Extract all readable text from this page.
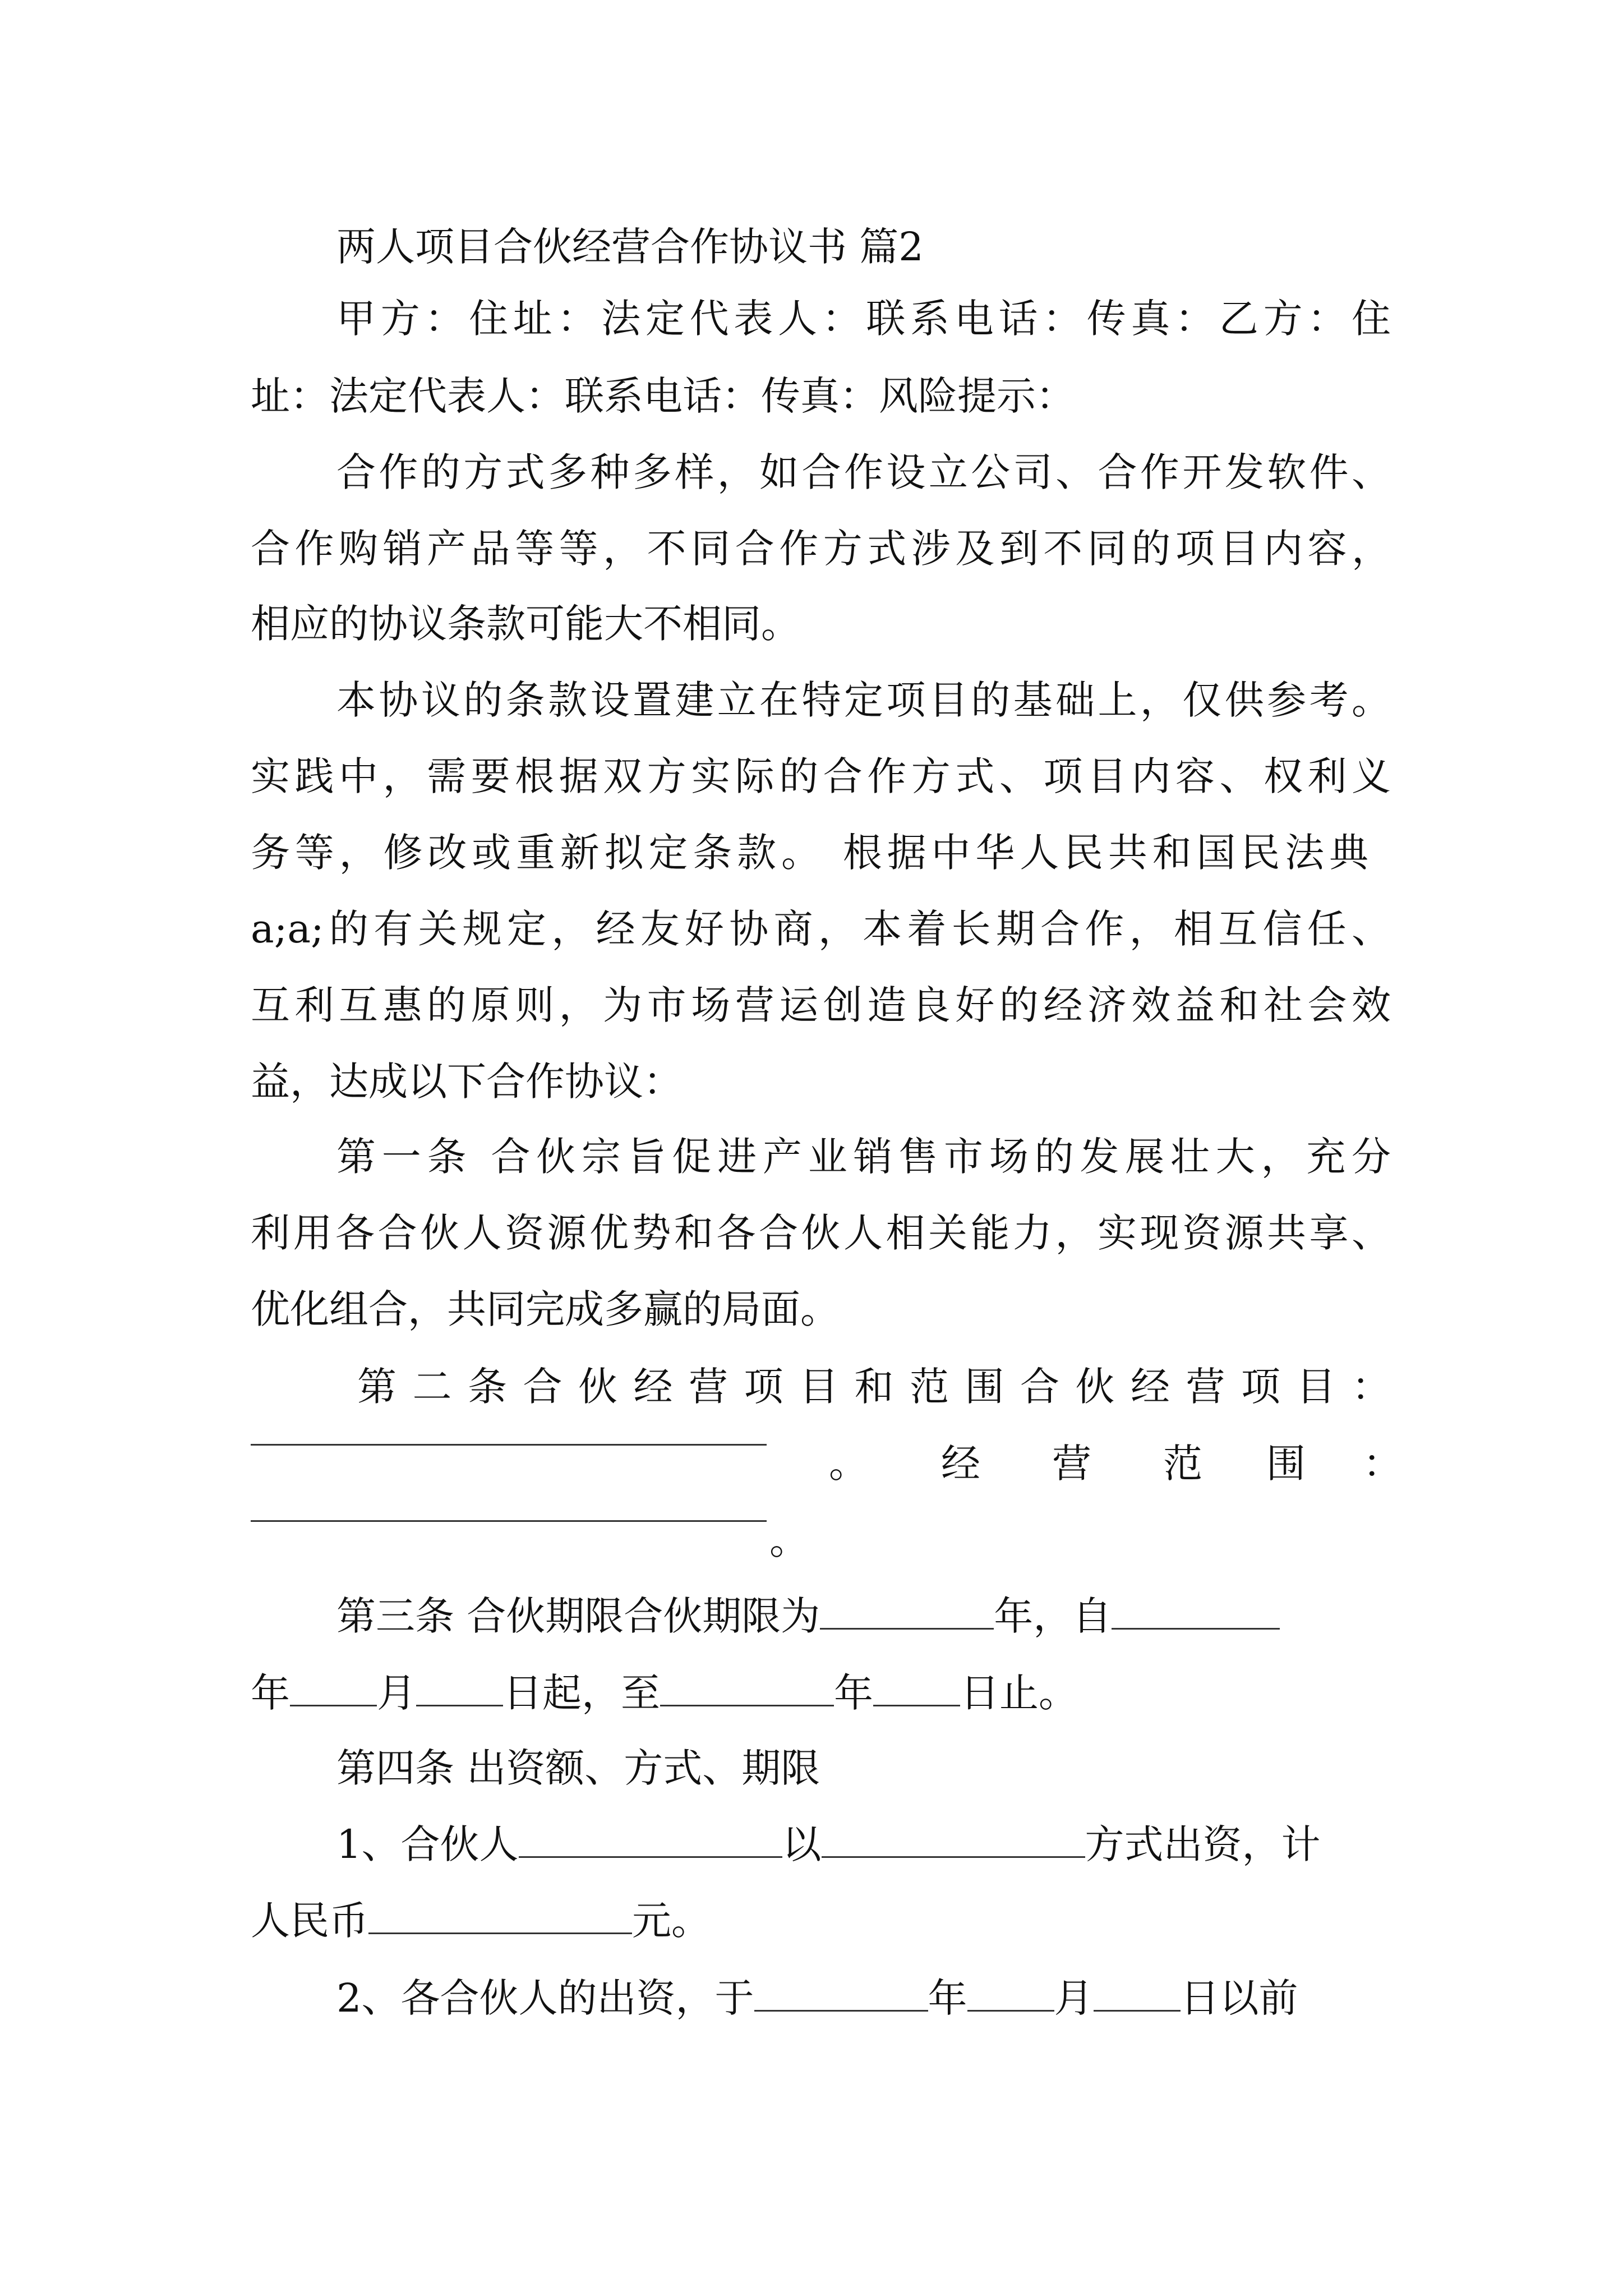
两人项目合伙经营合作协议书 篇2
甲方：住址：法定代表人：联系电话：传真：乙方：住
址：法定代表人：联系电话：传真：风险提示：
合作的方式多种多样，如合作设立公司、合作开发软件、
合作购销产品等等，不同合作方式涉及到不同的项目内容，
相应的协议条款可能大不相同。
本协议的条款设置建立在特定项目的基础上，仅供参考。
实践中，需要根据双方实际的合作方式、项目内容、权利义
务等，修改或重新拟定条款。 根据中华人民共和国民法典
a;a;的有关规定，经友好协商，本着长期合作，相互信任、
互利互惠的原则，为市场营运创造良好的经济效益和社会效
益，达成以下合作协议：
第一条 合伙宗旨促进产业销售市场的发展壮大，充分
利用各合伙人资源优势和各合伙人相关能力，实现资源共享、
优化组合，共同完成多赢的局面。
第 二 条 合 伙 经 营 项 目 和 范 围 合 伙 经 营 项 目 ：
。 经 营 范 围 ：
。
第三条 合伙期限合伙期限为	年，自
年 月 日起，至	年 日止。
第四条 出资额、方式、期限
1、合伙人	以	方式出资，计
人民币	元。
2、各合伙人的出资，于	年 月 日以前
